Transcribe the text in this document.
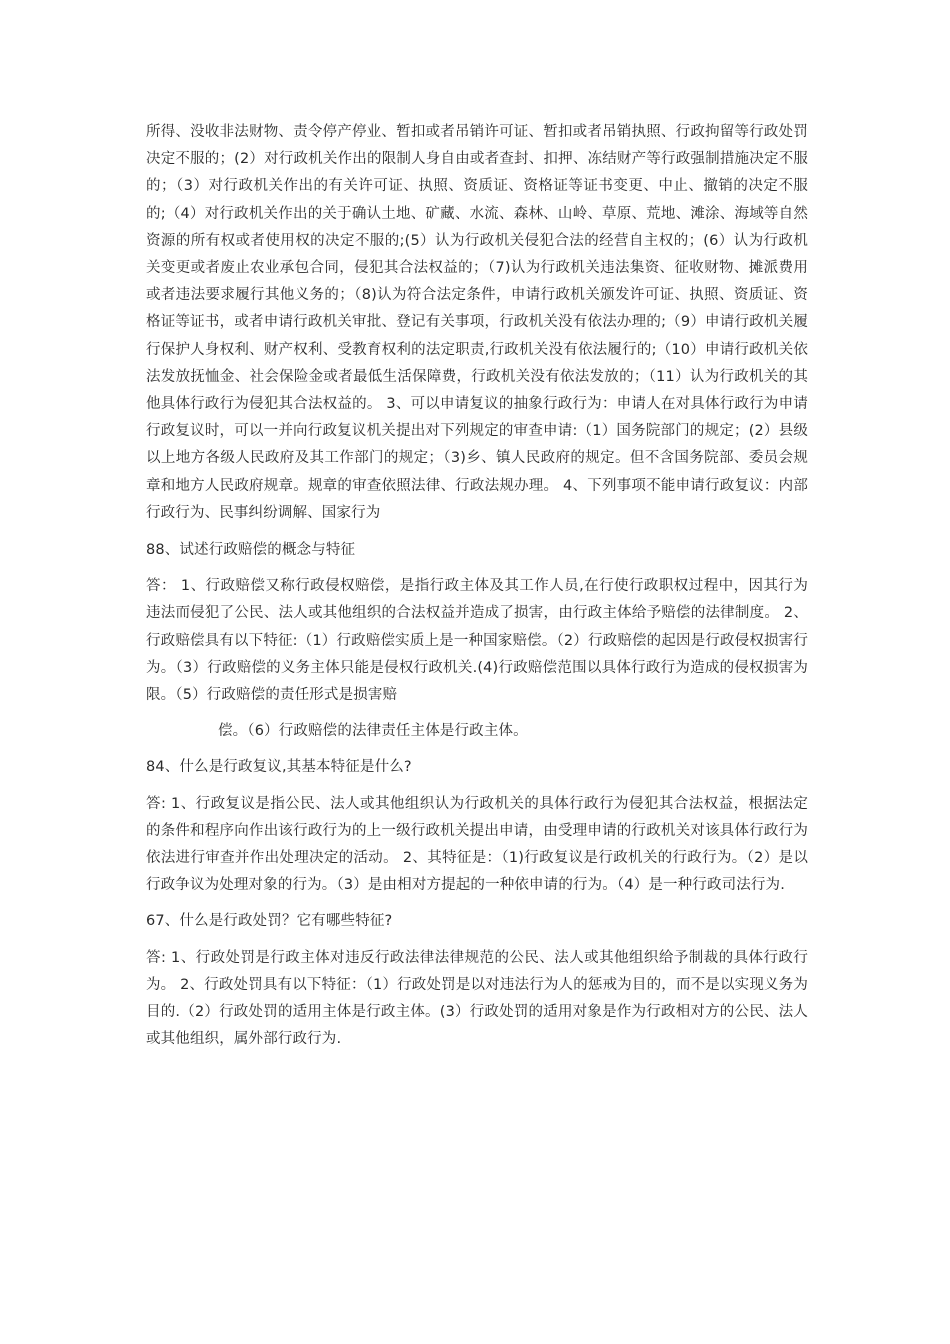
所得、没收非法财物、责令停产停业、暂扣或者吊销许可证、暂扣或者吊销执照、行政拘留等行政处罚决定不服的；(2）对行政机关作出的限制人身自由或者查封、扣押、冻结财产等行政强制措施决定不服的；（3）对行政机关作出的有关许可证、执照、资质证、资格证等证书变更、中止、撤销的决定不服的;（4）对行政机关作出的关于确认土地、矿藏、水流、森林、山岭、草原、荒地、滩涂、海域等自然资源的所有权或者使用权的决定不服的;(5）认为行政机关侵犯合法的经营自主权的；(6）认为行政机关变更或者废止农业承包合同，侵犯其合法权益的；（7)认为行政机关违法集资、征收财物、摊派费用或者违法要求履行其他义务的；（8)认为符合法定条件，申请行政机关颁发许可证、执照、资质证、资格证等证书，或者申请行政机关审批、登记有关事项，行政机关没有依法办理的;（9）申请行政机关履行保护人身权利、财产权利、受教育权利的法定职责,行政机关没有依法履行的;（10）申请行政机关依法发放抚恤金、社会保险金或者最低生活保障费，行政机关没有依法发放的；（11）认为行政机关的其他具体行政行为侵犯其合法权益的。 3、可以申请复议的抽象行政行为：申请人在对具体行政行为申请行政复议时，可以一并向行政复议机关提出对下列规定的审查申请:（1）国务院部门的规定；(2）县级以上地方各级人民政府及其工作部门的规定；（3)乡、镇人民政府的规定。但不含国务院部、委员会规章和地方人民政府规章。规章的审查依照法律、行政法规办理。 4、下列事项不能申请行政复议：内部行政行为、民事纠纷调解、国家行为

88、试述行政赔偿的概念与特征

答： 1、行政赔偿又称行政侵权赔偿，是指行政主体及其工作人员,在行使行政职权过程中，因其行为违法而侵犯了公民、法人或其他组织的合法权益并造成了损害，由行政主体给予赔偿的法律制度。 2、行政赔偿具有以下特征:（1）行政赔偿实质上是一种国家赔偿。（2）行政赔偿的起因是行政侵权损害行为。（3）行政赔偿的义务主体只能是侵权行政机关.(4)行政赔偿范围以具体行政行为造成的侵权损害为限。（5）行政赔偿的责任形式是损害赔

偿。（6）行政赔偿的法律责任主体是行政主体。

84、什么是行政复议,其基本特征是什么?

答: 1、行政复议是指公民、法人或其他组织认为行政机关的具体行政行为侵犯其合法权益，根据法定的条件和程序向作出该行政行为的上一级行政机关提出申请，由受理申请的行政机关对该具体行政行为依法进行审查并作出处理决定的活动。 2、其特征是：（1)行政复议是行政机关的行政行为。（2）是以行政争议为处理对象的行为。（3）是由相对方提起的一种依申请的行为。（4）是一种行政司法行为.

67、什么是行政处罚？它有哪些特征?

答: 1、行政处罚是行政主体对违反行政法律法律规范的公民、法人或其他组织给予制裁的具体行政行为。 2、行政处罚具有以下特征：（1）行政处罚是以对违法行为人的惩戒为目的，而不是以实现义务为目的.（2）行政处罚的适用主体是行政主体。(3）行政处罚的适用对象是作为行政相对方的公民、法人或其他组织，属外部行政行为.
